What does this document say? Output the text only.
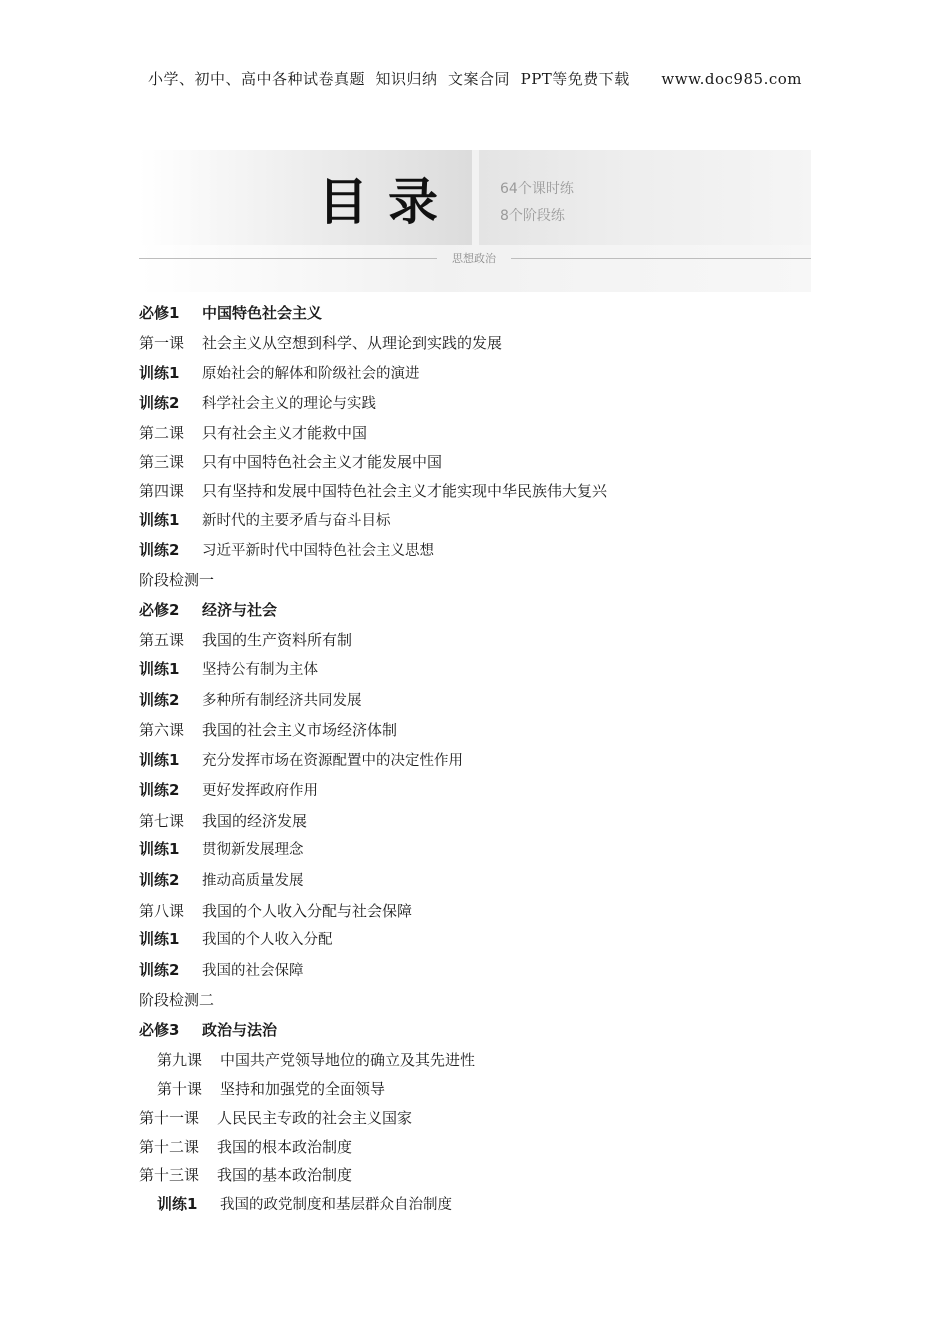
小学、初中、高中各种试卷真题  知识归纳  文案合同  PPT等免费下载      www.doc985.com
目录	64个课时练
8个阶段练
思想政治
必修1 中国特色社会主义
第一课 社会主义从空想到科学、从理论到实践的发展
训练1 原始社会的解体和阶级社会的演进
训练2 科学社会主义的理论与实践
第二课 只有社会主义才能救中国
第三课 只有中国特色社会主义才能发展中国
第四课 只有坚持和发展中国特色社会主义才能实现中华民族伟大复兴
训练1 新时代的主要矛盾与奋斗目标
训练2 习近平新时代中国特色社会主义思想
阶段检测一
必修2 经济与社会
第五课 我国的生产资料所有制
训练1 坚持公有制为主体
训练2 多种所有制经济共同发展
第六课 我国的社会主义市场经济体制
训练1 充分发挥市场在资源配置中的决定性作用
训练2 更好发挥政府作用
第七课 我国的经济发展
训练1 贯彻新发展理念
训练2 推动高质量发展
第八课 我国的个人收入分配与社会保障
训练1 我国的个人收入分配
训练2 我国的社会保障
阶段检测二
必修3 政治与法治
第九课 中国共产党领导地位的确立及其先进性
第十课 坚持和加强党的全面领导
第十一课 人民民主专政的社会主义国家
第十二课 我国的根本政治制度
第十三课 我国的基本政治制度
训练1 我国的政党制度和基层群众自治制度
